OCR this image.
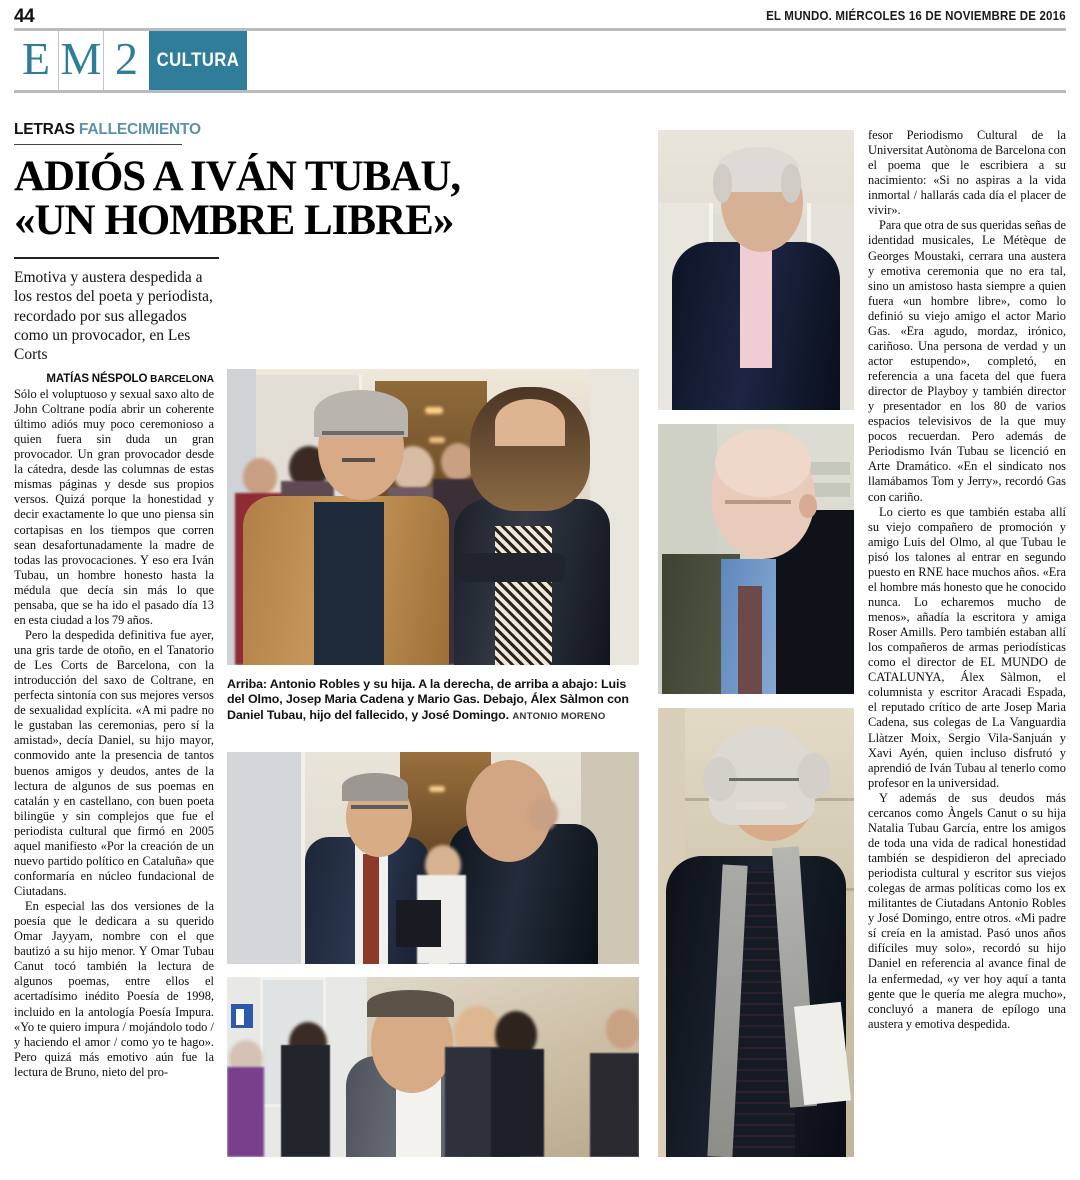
44	EL MUNDO. MIÉRCOLES 16 DE NOVIEMBRE DE 2016
E M 2 CULTURA
LETRAS FALLECIMIENTO
ADIÓS A IVÁN TUBAU,
«UN HOMBRE LIBRE»
Emotiva y austera despedida a los restos del poeta y periodista, recordado por sus allegados como un provocador, en Les Corts

MATÍAS NÉSPOLO BARCELONA

Sólo el voluptuoso y sexual saxo alto de John Coltrane podía abrir un coherente último adiós muy poco ceremonioso a quien fuera sin duda un gran provocador. Un gran provocador desde la cátedra, desde las columnas de estas mismas páginas y desde sus propios versos. Quizá porque la honestidad y decir exactamente lo que uno piensa sin cortapisas en los tiempos que corren sean desafortunadamente la madre de todas las provocaciones. Y eso era Iván Tubau, un hombre honesto hasta la médula que decía sin más lo que pensaba, que se ha ido el pasado día 13 en esta ciudad a los 79 años.

Pero la despedida definitiva fue ayer, una gris tarde de otoño, en el Tanatorio de Les Corts de Barcelona, con la introducción del saxo de Coltrane, en perfecta sintonía con sus mejores versos de sexualidad explícita. «A mi padre no le gustaban las ceremonias, pero sí la amistad», decía Daniel, su hijo mayor, conmovido ante la presencia de tantos buenos amigos y deudos, antes de la lectura de algunos de sus poemas en catalán y en castellano, con buen poeta bilingüe y sin complejos que fue el periodista cultural que firmó en 2005 aquel manifiesto «Por la creación de un nuevo partido político en Cataluña» que conformaría en núcleo fundacional de Ciutadans.

En especial las dos versiones de la poesía que le dedicara a su querido Omar Jayyam, nombre con el que bautizó a su hijo menor. Y Omar Tubau Canut tocó también la lectura de algunos poemas, entre ellos el acertadísimo inédito Poesía de 1998, incluido en la antología Poesía Impura. «Yo te quiero impura / mojándolo todo / y haciendo el amor / como yo te hago». Pero quizá más emotivo aún fue la lectura de Bruno, nieto del pro-

fesor Periodismo Cultural de la Universitat Autònoma de Barcelona con el poema que le escribiera a su nacimiento: «Si no aspiras a la vida inmortal / hallarás cada día el placer de vivir».

Para que otra de sus queridas señas de identidad musicales, Le Métèque de Georges Moustaki, cerrara una austera y emotiva ceremonia que no era tal, sino un amistoso hasta siempre a quien fuera «un hombre libre», como lo definió su viejo amigo el actor Mario Gas. «Era agudo, mordaz, irónico, cariñoso. Una persona de verdad y un actor estupendo», completó, en referencia a una faceta del que fuera director de Playboy y también director y presentador en los 80 de varios espacios televisivos de la que muy pocos recuerdan. Pero además de Periodismo Iván Tubau se licenció en Arte Dramático. «En el sindicato nos llamábamos Tom y Jerry», recordó Gas con cariño.

Lo cierto es que también estaba allí su viejo compañero de promoción y amigo Luis del Olmo, al que Tubau le pisó los talones al entrar en segundo puesto en RNE hace muchos años. «Era el hombre más honesto que he conocido nunca. Lo echaremos mucho de menos», añadía la escritora y amiga Roser Amills. Pero también estaban allí los compañeros de armas periodísticas como el director de EL MUNDO de CATALUNYA, Álex Sàlmon, el columnista y escritor Aracadi Espada, el reputado crítico de arte Josep Maria Cadena, sus colegas de La Vanguardia Llàtzer Moix, Sergio Vila-Sanjuán y Xavi Ayén, quien incluso disfrutó y aprendió de Iván Tubau al tenerlo como profesor en la universidad.

Y además de sus deudos más cercanos como Àngels Canut o su hija Natalia Tubau García, entre los amigos de toda una vida de radical honestidad también se despidieron del apreciado periodista cultural y escritor sus viejos colegas de armas políticas como los ex militantes de Ciutadans Antonio Robles y José Domingo, entre otros. «Mi padre sí creía en la amistad. Pasó unos años difíciles muy solo», recordó su hijo Daniel en referencia al avance final de la enfermedad, «y ver hoy aquí a tanta gente que le quería me alegra mucho», concluyó a manera de epílogo una austera y emotiva despedida.

Arriba: Antonio Robles y su hija. A la derecha, de arriba a abajo: Luis del Olmo, Josep Maria Cadena y Mario Gas. Debajo, Álex Sàlmon con Daniel Tubau, hijo del fallecido, y José Domingo. ANTONIO MORENO
